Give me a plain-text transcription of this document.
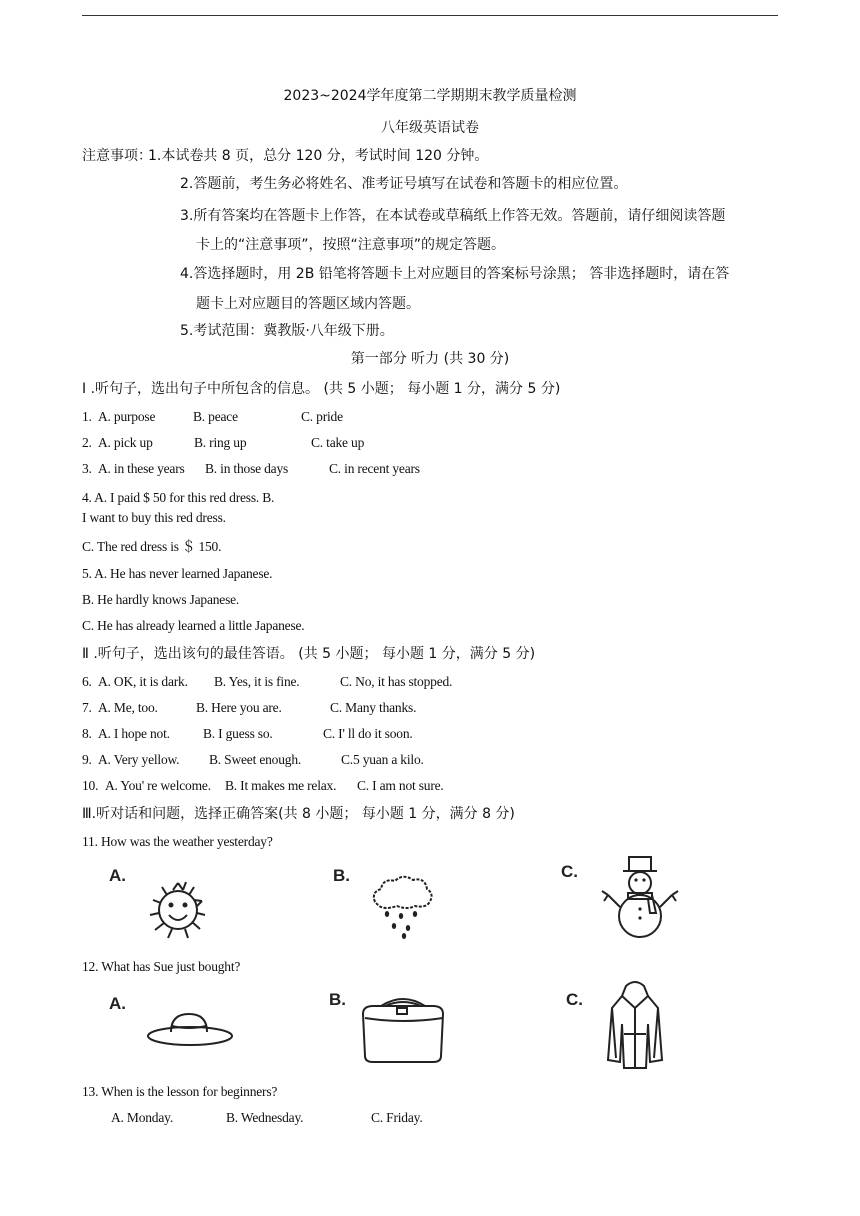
2023~2024学年度第二学期期末教学质量检测
八年级英语试卷
注意事项：
1.本试卷共 8 页，总分 120 分，考试时间 120 分钟。
2.答题前，考生务必将姓名、准考证号填写在试卷和答题卡的相应位置。
3.所有答案均在答题卡上作答，在本试卷或草稿纸上作答无效。答题前，请仔细阅读答题
卡上的“注意事项”，按照“注意事项”的规定答题。
4.答选择题时，用 2B 铅笔将答题卡上对应题目的答案标号涂黑； 答非选择题时，请在答
题卡上对应题目的答题区域内答题。
5.考试范围：冀教版·八年级下册。
第一部分 听力 (共 30 分)
Ⅰ .听句子，选出句子中所包含的信息。 (共 5 小题； 每小题 1 分，满分 5 分)
1. A. purpose	B. peace	C. pride
2. A. pick up	B. ring up	C. take up
3. A. in these years B. in those days	C. in recent years
4. A. I paid $ 50 for this red dress. B.
I want to buy this red dress.
C. The red dress is ＄ 150.
5. A. He has never learned Japanese.
B. He hardly knows Japanese.
C. He has already learned a little Japanese.
Ⅱ .听句子，选出该句的最佳答语。 (共 5 小题； 每小题 1 分，满分 5 分)
6. A. OK, it is dark. B. Yes, it is fine.	C. No, it has stopped.
7. A. Me, too.	B. Here you are.	C. Many thanks.
8. A. I hope not. B. I guess so.	C. I' ll do it soon.
9. A. Very yellow. B. Sweet enough.	C.5 yuan a kilo.
10. A. You' re welcome. B. It makes me relax. C. I am not sure.
Ⅲ.听对话和问题，选择正确答案(共 8 小题； 每小题 1 分，满分 8 分)
11. How was the weather yesterday?
A.	B.	C.
12. What has Sue just bought?
A.	B.	C.
13. When is the lesson for beginners?
A. Monday.	B. Wednesday.	C. Friday.
